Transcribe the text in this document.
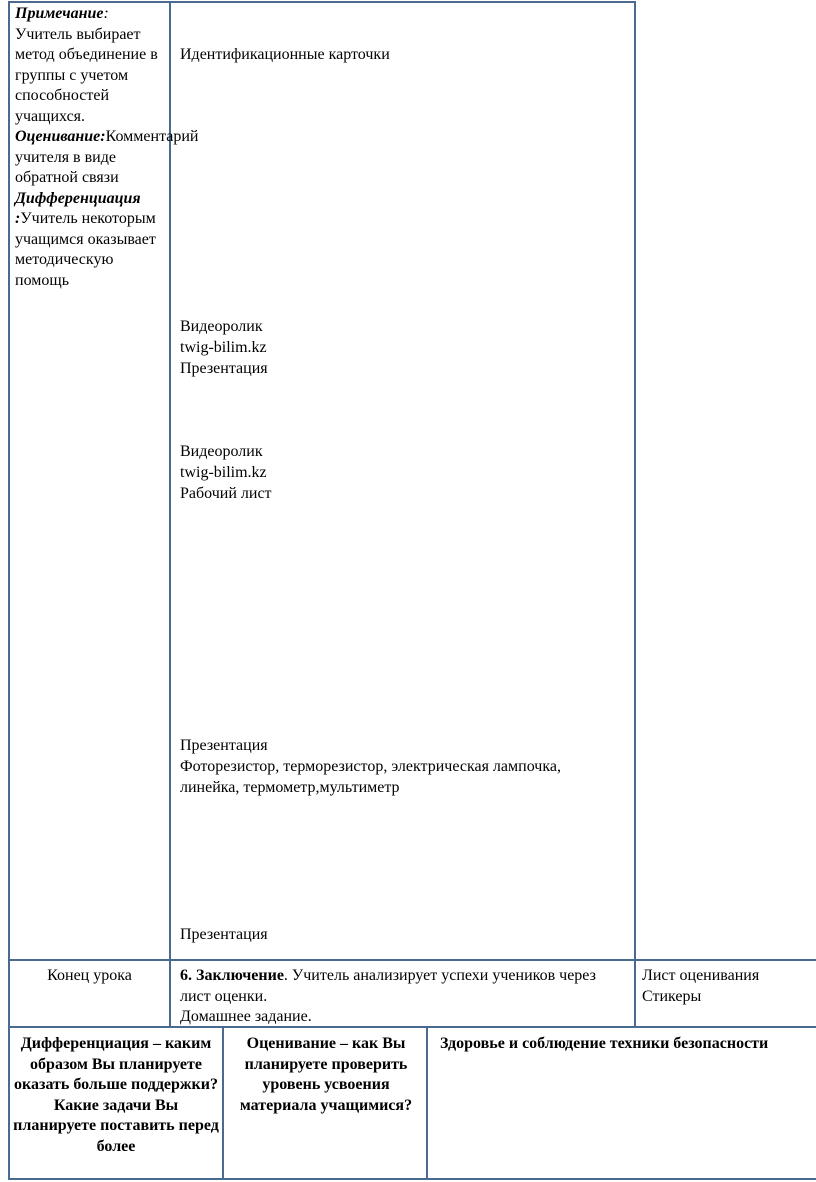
Примечание: Учитель выбирает метод объединение в группы с учетом способностей учащихся.
Оценивание:Комментарий учителя в виде обратной связи
Дифференциация :Учитель некоторым учащимся оказывает методическую помощь
Идентификационные карточки
Видеоролик
twig-bilim.kz
Презентация
Видеоролик
twig-bilim.kz
Рабочий лист
Презентация
Фоторезистор, терморезистор, электрическая лампочка,
линейка, термометр,мультиметр
Презентация
Конец урока	6. Заключение. Учитель анализирует успехи учеников через лист оценки.
Домашнее задание.
Лист оценивания
Стикеры
Дифференциация – каким образом Вы планируете оказать больше поддержки? Какие задачи Вы планируете поставить перед более
Оценивание – как Вы планируете проверить уровень усвоения материала учащимися?
Здоровье и соблюдение техники безопасности
